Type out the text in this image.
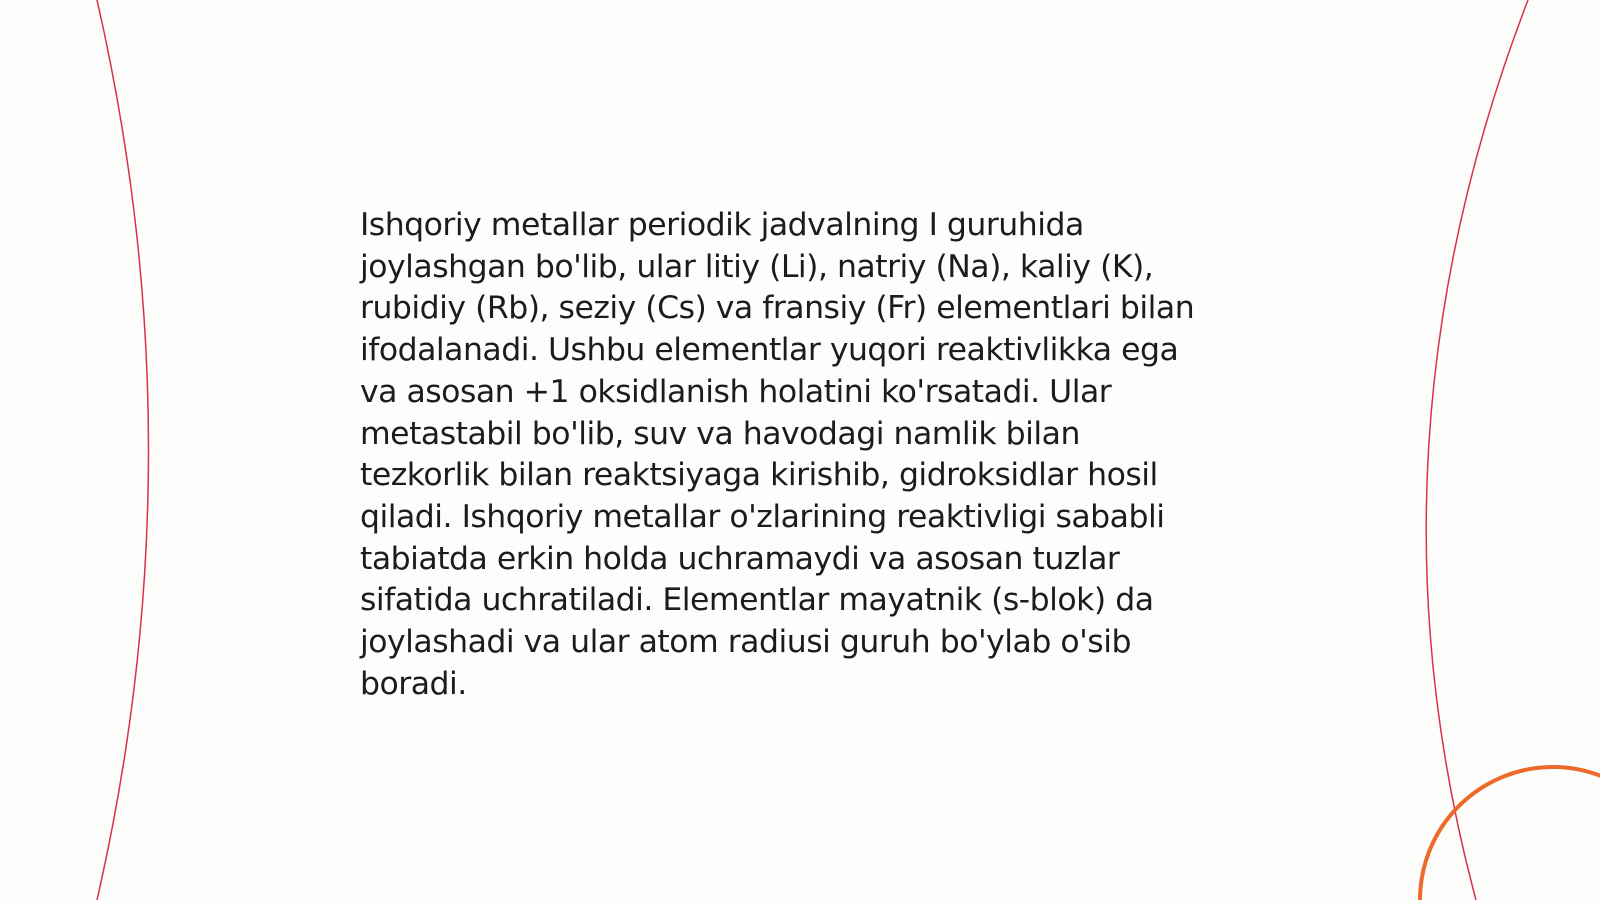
Ishqoriy metallar periodik jadvalning I guruhida
joylashgan bo'lib, ular litiy (Li), natriy (Na), kaliy (K),
rubidiy (Rb), seziy (Cs) va fransiy (Fr) elementlari bilan
ifodalanadi. Ushbu elementlar yuqori reaktivlikka ega
va asosan +1 oksidlanish holatini ko'rsatadi. Ular
metastabil bo'lib, suv va havodagi namlik bilan
tezkorlik bilan reaktsiyaga kirishib, gidroksidlar hosil
qiladi. Ishqoriy metallar o'zlarining reaktivligi sababli
tabiatda erkin holda uchramaydi va asosan tuzlar
sifatida uchratiladi. Elementlar mayatnik (s-blok) da
joylashadi va ular atom radiusi guruh bo'ylab o'sib
boradi.
